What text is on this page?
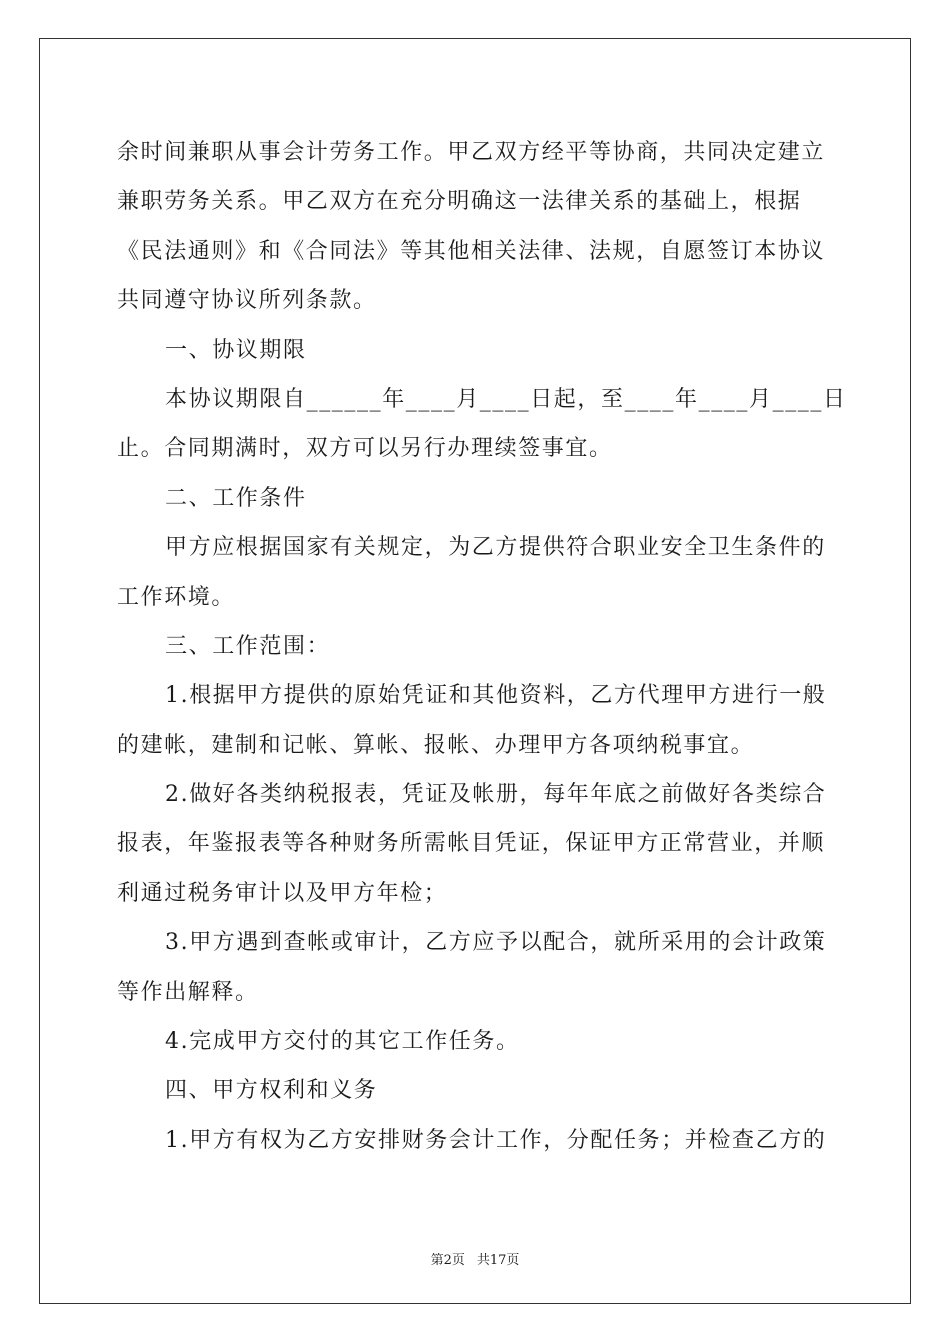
余时间兼职从事会计劳务工作。甲乙双方经平等协商，共同决定建立
兼职劳务关系。甲乙双方在充分明确这一法律关系的基础上，根据
《民法通则》和《合同法》等其他相关法律、法规，自愿签订本协议
共同遵守协议所列条款。
一、协议期限
本协议期限自______年____月____日起，至____年____月____日
止。合同期满时，双方可以另行办理续签事宜。
二、工作条件
甲方应根据国家有关规定，为乙方提供符合职业安全卫生条件的
工作环境。
三、工作范围：
1.根据甲方提供的原始凭证和其他资料，乙方代理甲方进行一般
的建帐，建制和记帐、算帐、报帐、办理甲方各项纳税事宜。
2.做好各类纳税报表，凭证及帐册，每年年底之前做好各类综合
报表，年鉴报表等各种财务所需帐目凭证，保证甲方正常营业，并顺
利通过税务审计以及甲方年检；
3.甲方遇到查帐或审计，乙方应予以配合，就所采用的会计政策
等作出解释。
4.完成甲方交付的其它工作任务。
四、甲方权利和义务
1.甲方有权为乙方安排财务会计工作，分配任务；并检查乙方的
第2页 共17页
